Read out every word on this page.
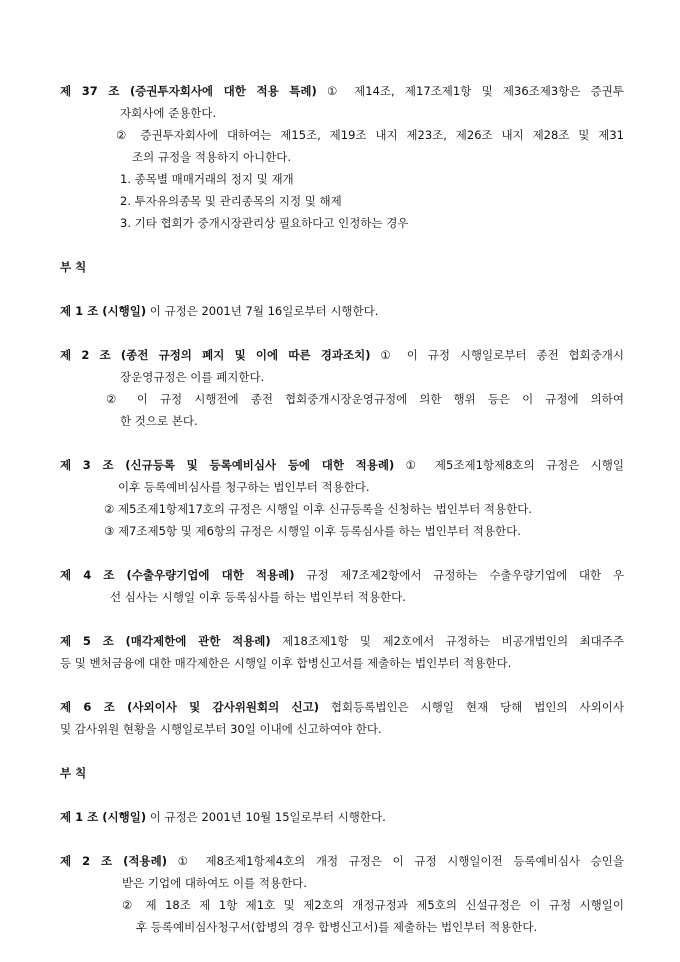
제 37 조 (증권투자회사에 대한 적용 특례) ① 제14조, 제17조제1항 및 제36조제3항은 증권투
자회사에 준용한다.
② 증권투자회사에 대하여는 제15조, 제19조 내지 제23조, 제26조 내지 제28조 및 제31
조의 규정을 적용하지 아니한다.
1. 종목별 매매거래의 정지 및 재개
2. 투자유의종목 및 관리종목의 지정 및 해제
3. 기타 협회가 중개시장관리상 필요하다고 인정하는 경우
부 칙
제 1 조 (시행일) 이 규정은 2001년 7월 16일로부터 시행한다.
제 2 조 (종전 규정의 폐지 및 이에 따른 경과조치) ① 이 규정 시행일로부터 종전 협회중개시
장운영규정은 이를 폐지한다.
② 이 규정 시행전에 종전 협회중개시장운영규정에 의한 행위 등은 이 규정에 의하여
한 것으로 본다.
제 3 조 (신규등록 및 등록예비심사 등에 대한 적용례) ① 제5조제1항제8호의 규정은 시행일
이후 등록예비심사를 청구하는 법인부터 적용한다.
② 제5조제1항제17호의 규정은 시행일 이후 신규등록을 신청하는 법인부터 적용한다.
③ 제7조제5항 및 제6항의 규정은 시행일 이후 등록심사를 하는 법인부터 적용한다.
제 4 조 (수출우량기업에 대한 적용례) 규정 제7조제2항에서 규정하는 수출우량기업에 대한 우
선 심사는 시행일 이후 등록심사를 하는 법인부터 적용한다.
제 5 조 (매각제한에 관한 적용례) 제18조제1항 및 제2호에서 규정하는 비공개법인의 최대주주
등 및 벤처금융에 대한 매각제한은 시행일 이후 합병신고서를 제출하는 법인부터 적용한다.
제 6 조 (사외이사 및 감사위원회의 신고) 협회등록법인은 시행일 현재 당해 법인의 사외이사
및 감사위원 현황을 시행일로부터 30일 이내에 신고하여야 한다.
부 칙
제 1 조 (시행일) 이 규정은 2001년 10월 15일로부터 시행한다.
제 2 조 (적용례) ① 제8조제1항제4호의 개정 규정은 이 규정 시행일이전 등록예비심사 승인을
받은 기업에 대하여도 이를 적용한다.
② 제 18조 제 1항 제1호 및 제2호의 개정규정과 제5호의 신설규정은 이 규정 시행일이
후 등록예비심사청구서(합병의 경우 합병신고서)를 제출하는 법인부터 적용한다.
